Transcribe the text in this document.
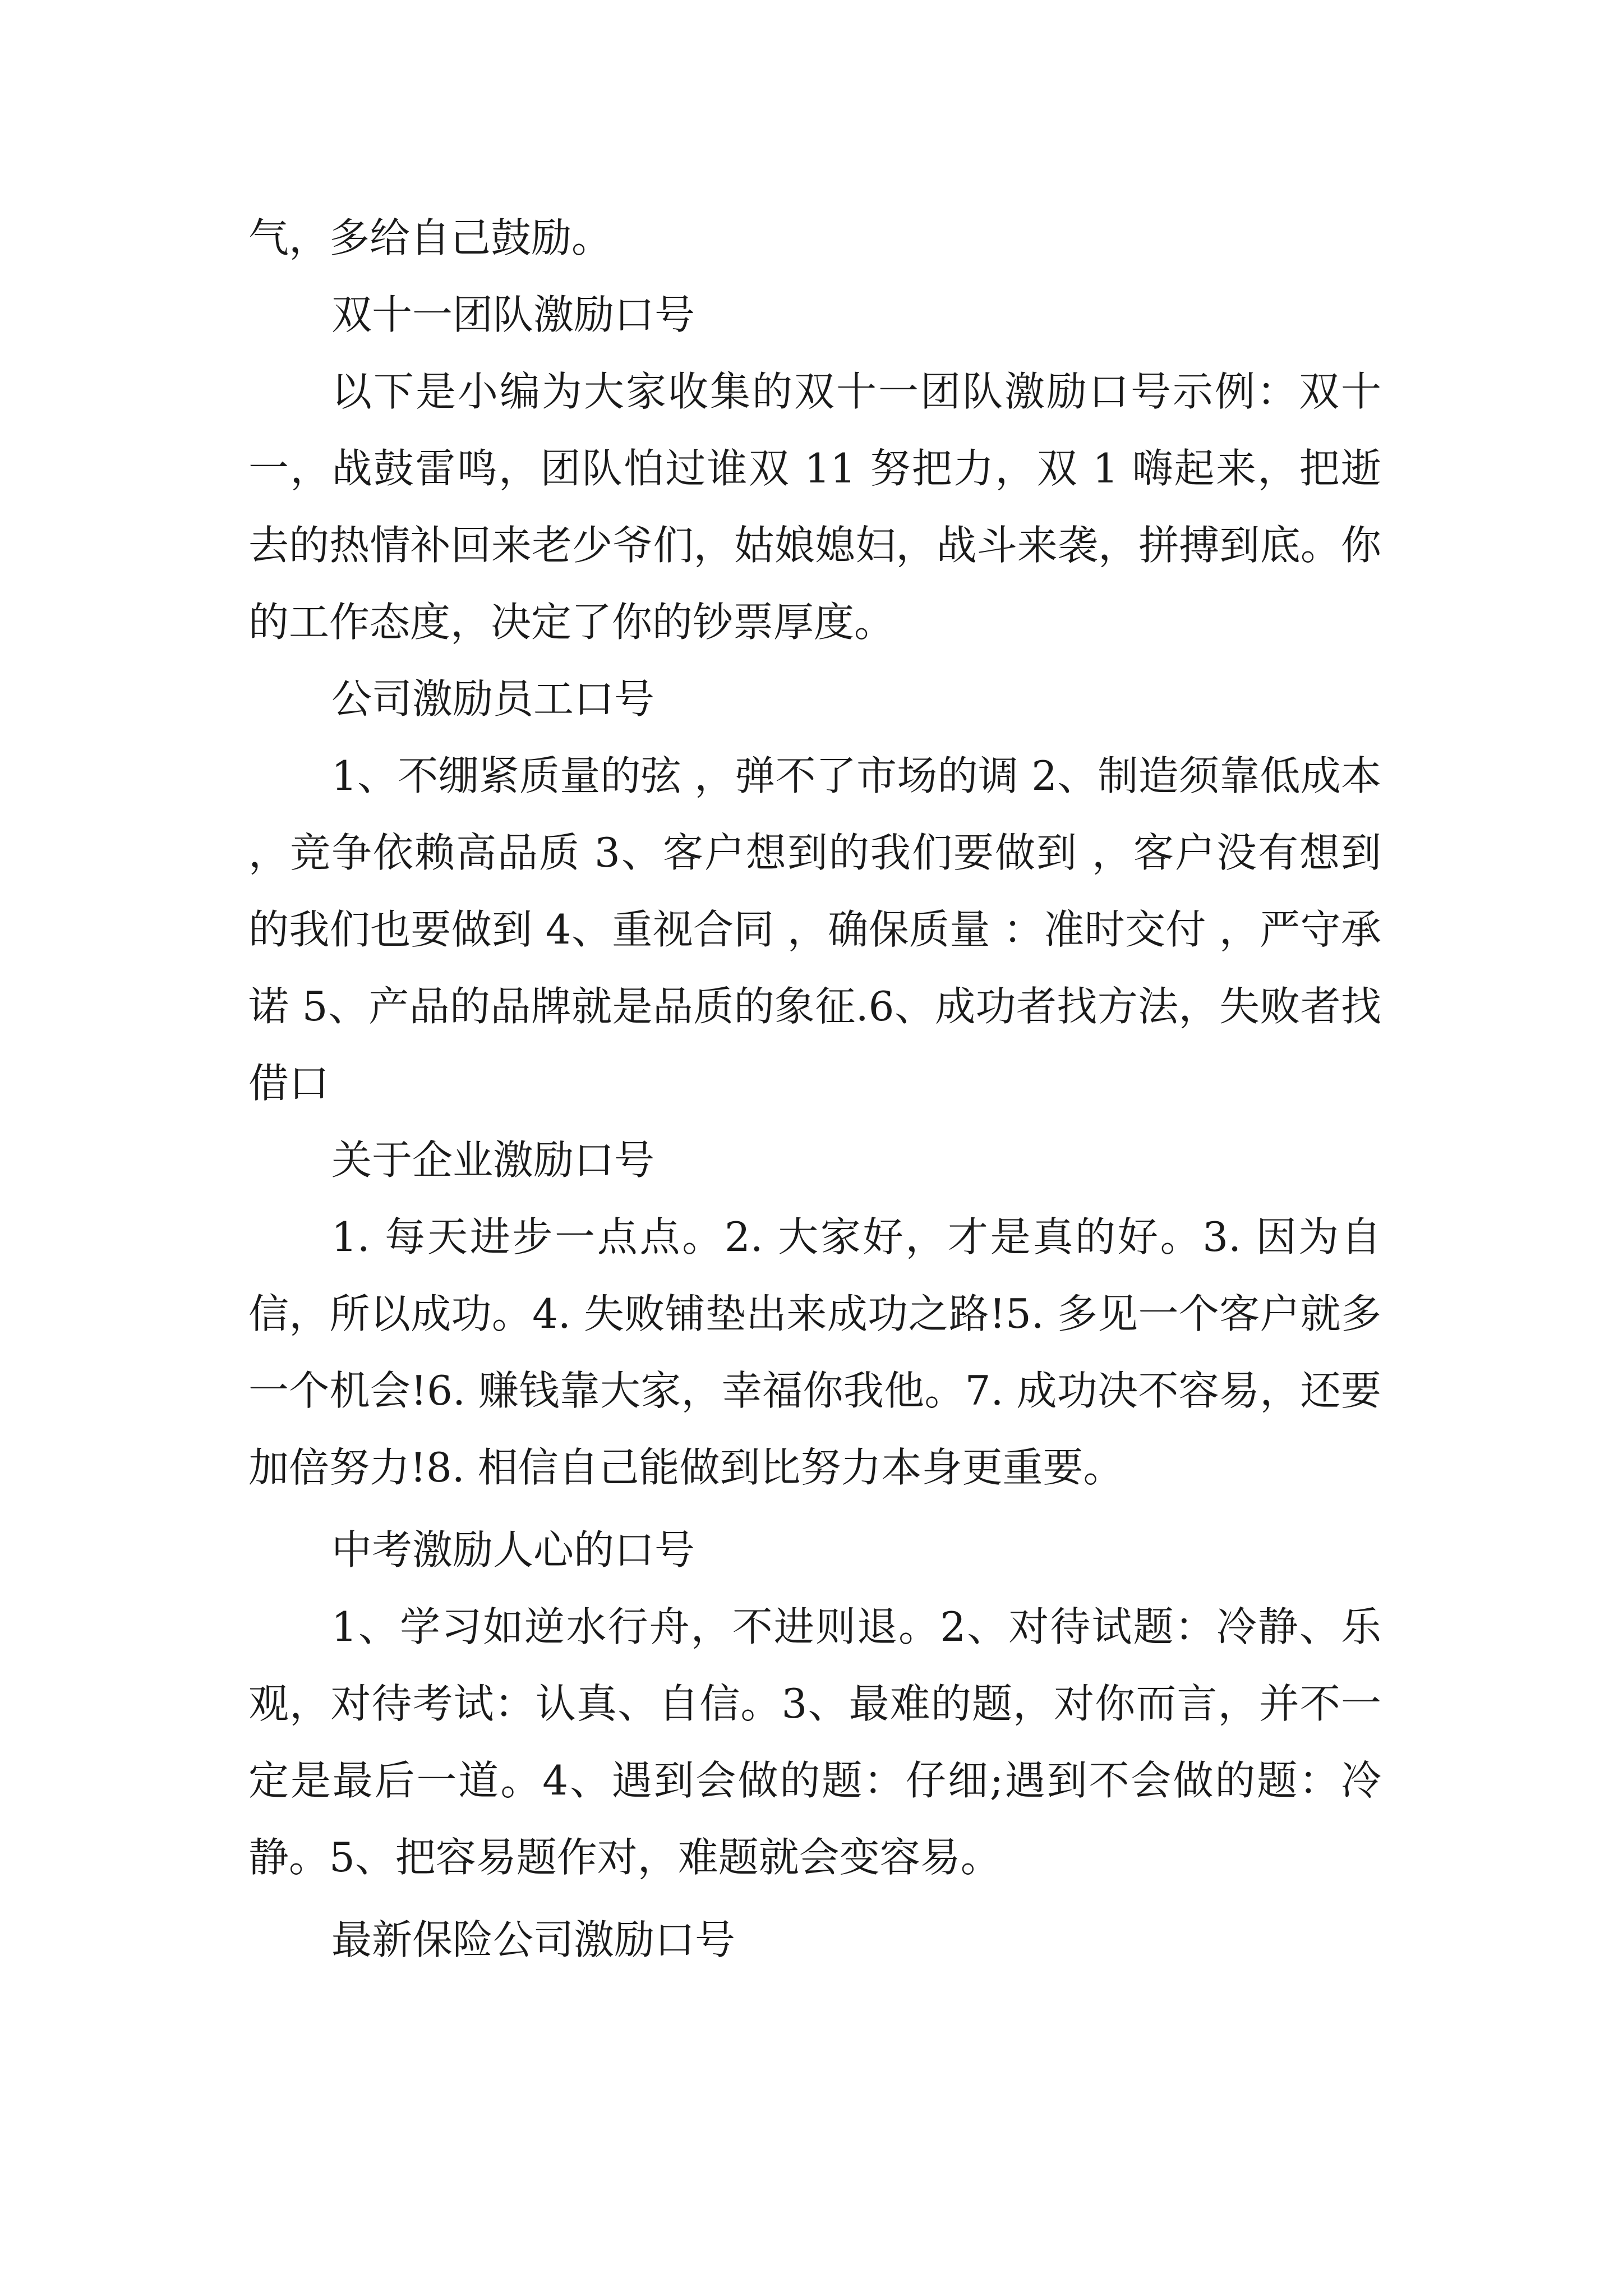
气，多给自己鼓励。

双十一团队激励口号

以下是小编为大家收集的双十一团队激励口号示例：双十一，战鼓雷鸣，团队怕过谁双 11 努把力，双 1 嗨起来，把逝去的热情补回来老少爷们，姑娘媳妇，战斗来袭，拼搏到底。你的工作态度，决定了你的钞票厚度。

公司激励员工口号

1、不绷紧质量的弦 ，弹不了市场的调 2、制造须靠低成本 ，竞争依赖高品质 3、客户想到的我们要做到 ，客户没有想到的我们也要做到 4、重视合同 ，确保质量 ：准时交付 ，严守承诺 5、产品的品牌就是品质的象征.6、成功者找方法，失败者找借口

关于企业激励口号

1. 每天进步一点点。2. 大家好，才是真的好。3. 因为自信，所以成功。4. 失败铺垫出来成功之路!5. 多见一个客户就多一个机会!6. 赚钱靠大家，幸福你我他。7. 成功决不容易，还要加倍努力!8. 相信自己能做到比努力本身更重要。

中考激励人心的口号

1、学习如逆水行舟，不进则退。2、对待试题：冷静、乐观，对待考试：认真、自信。3、最难的题，对你而言，并不一定是最后一道。4、遇到会做的题：仔细;遇到不会做的题：冷静。5、把容易题作对，难题就会变容易。

最新保险公司激励口号
